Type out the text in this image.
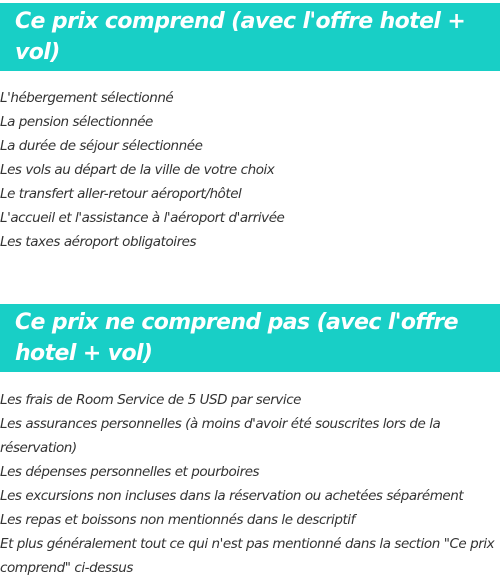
Ce prix comprend (avec l'offre hotel + vol)
L'hébergement sélectionné
La pension sélectionnée
La durée de séjour sélectionnée
Les vols au départ de la ville de votre choix
Le transfert aller-retour aéroport/hôtel
L'accueil et l'assistance à l'aéroport d'arrivée
Les taxes aéroport obligatoires
Ce prix ne comprend pas (avec l'offre hotel + vol)
Les frais de Room Service de 5 USD par service
Les assurances personnelles (à moins d'avoir été souscrites lors de la réservation)
Les dépenses personnelles et pourboires
Les excursions non incluses dans la réservation ou achetées séparément
Les repas et boissons non mentionnés dans le descriptif
Et plus généralement tout ce qui n'est pas mentionné dans la section "Ce prix comprend" ci-dessus
